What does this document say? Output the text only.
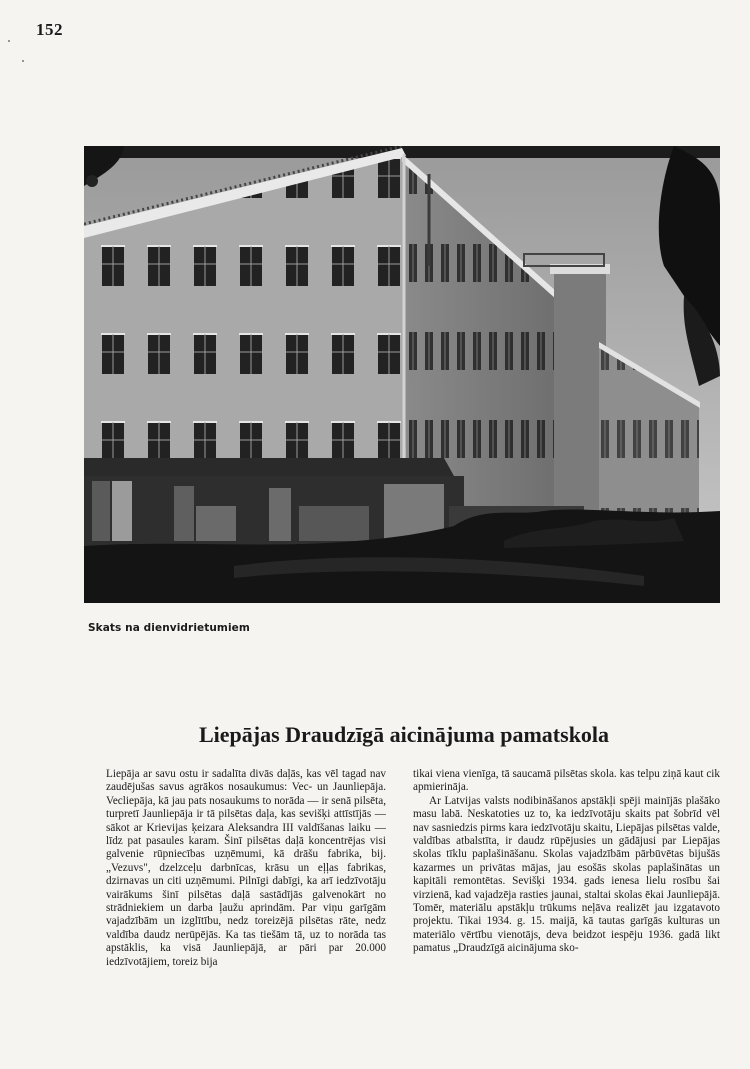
152
Skats na dienvidrietumiem
Liepājas Draudzīgā aicinājuma pamatskola

Liepāja ar savu ostu ir sadalīta divās daļās, kas vēl tagad nav zaudējušas savus agrākos nosaukumus: Vec- un Jaunliepāja. Vecliepāja, kā jau pats nosaukums to norāda — ir senā pilsēta, turpretī Jaunliepāja ir tā pilsētas daļa, kas sevišķi attīstījās — sākot ar Krievijas ķeizara Aleksandra III valdīšanas laiku — līdz pat pasaules karam. Šinī pilsētas daļā koncentrējas visi galvenie rūpniecības uzņēmumi, kā drāšu fabrika, bij. „Vezuvs", dzelzceļu darbnīcas, krāsu un eļļas fabrikas, dzirnavas un citi uzņēmumi. Pilnīgi dabīgi, ka arī iedzīvotāju vairākums šinī pilsētas daļā sastādījās galvenokārt no strādniekiem un darba ļaužu aprindām. Par viņu garīgām vajadzībām un izglītību, nedz toreizējā pilsētas rāte, nedz valdība daudz nerūpējās. Ka tas tiešām tā, uz to norāda tas apstāklis, ka visā Jaunliepājā, ar pāri par 20.000 iedzīvotājiem, toreiz bija

tikai viena vienīga, tā saucamā pilsētas skola. kas telpu ziņā kaut cik apmierināja.

Ar Latvijas valsts nodibināšanos apstākļi spēji mainījās plašāko masu labā. Neskatoties uz to, ka iedzīvotāju skaits pat šobrīd vēl nav sasniedzis pirms kara iedzīvotāju skaitu, Liepājas pilsētas valde, valdības atbalstīta, ir daudz rūpējusies un gādājusi par Liepājas skolas tīklu paplašināšanu. Skolas vajadzībām pārbūvētas bijušās kazarmes un privātas mājas, jau esošās skolas paplašinātas un kapitāli remontētas. Sevišķi 1934. gads ienesa lielu rosību šai virzienā, kad vajadzēja rasties jaunai, staltai skolas ēkai Jaunliepājā. Tomēr, materiālu apstākļu trūkums neļāva realizēt jau izgatavoto projektu. Tikai 1934. g. 15. maijā, kā tautas garīgās kulturas un materiālo vērtību vienotājs, deva beidzot iespēju 1936. gadā likt pamatus „Draudzīgā aicinājuma sko-
